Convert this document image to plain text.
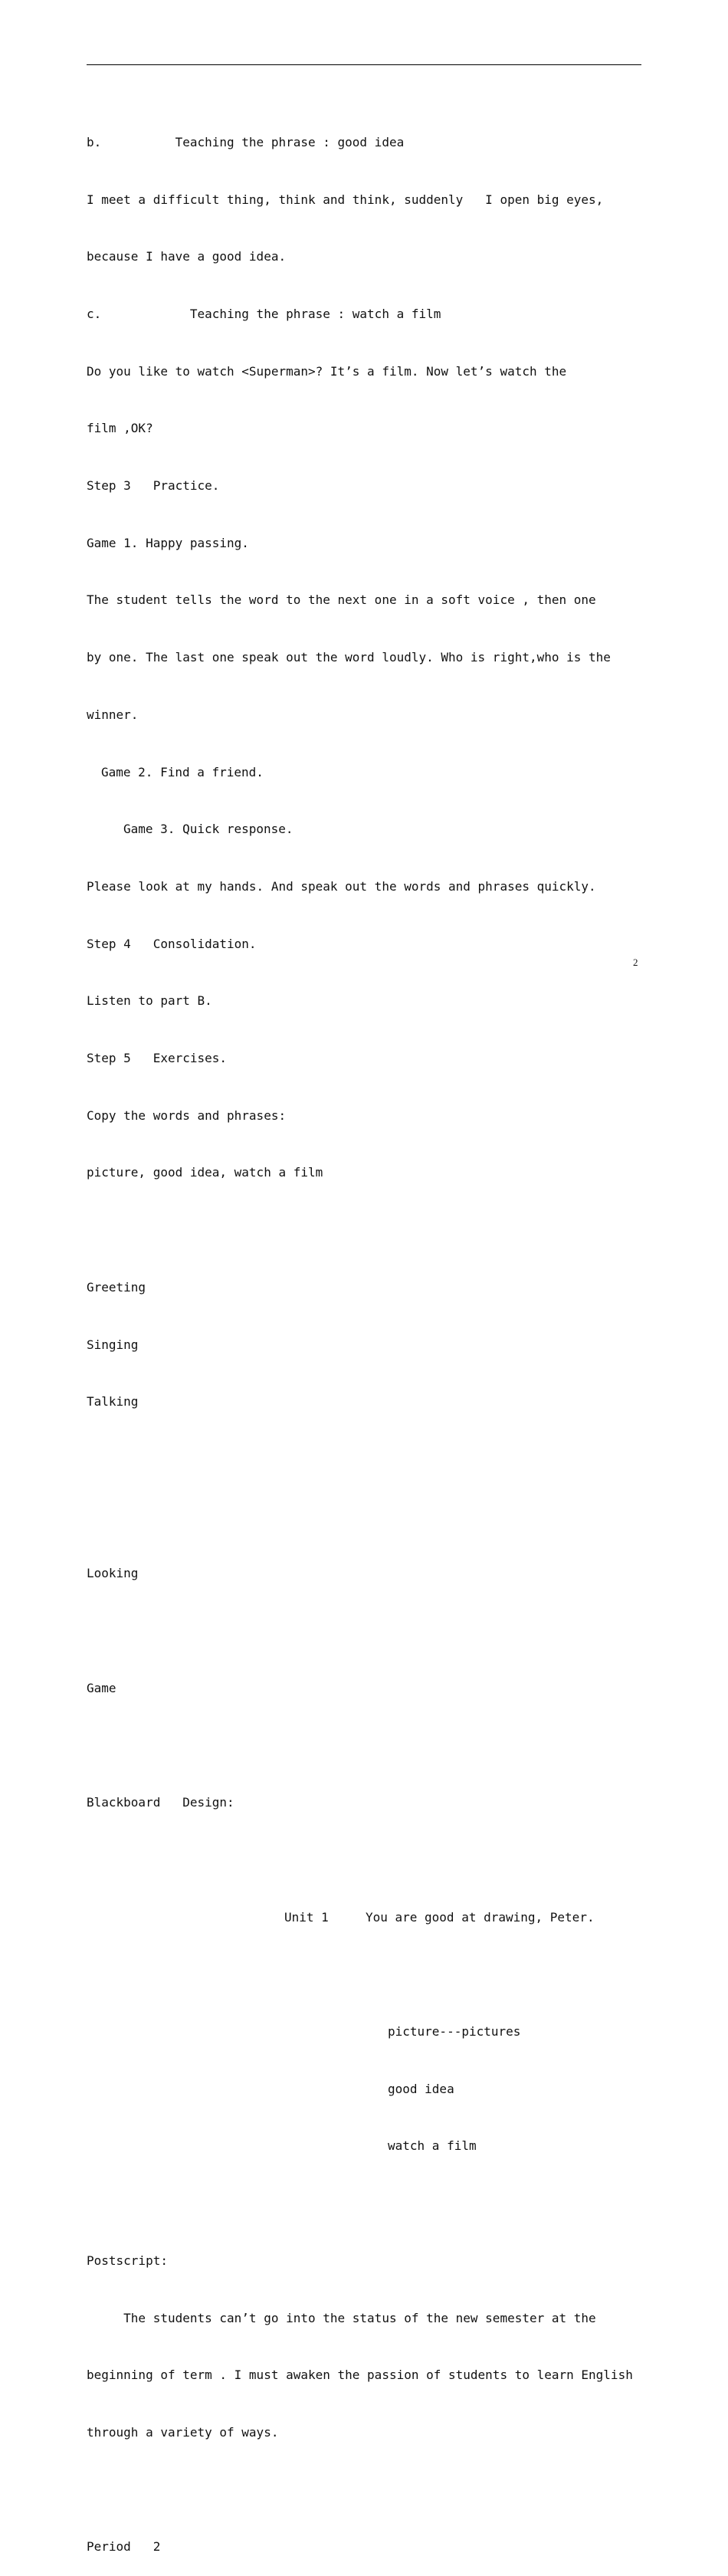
b.          Teaching the phrase : good idea

I meet a difficult thing, think and think, suddenly   I open big eyes,

because I have a good idea.

c.            Teaching the phrase : watch a film

Do you like to watch <Superman>? It’s a film. Now let’s watch the

film ,OK?

Step 3   Practice.

Game 1. Happy passing.

The student tells the word to the next one in a soft voice , then one

by one. The last one speak out the word loudly. Who is right,who is the

winner.

Game 2. Find a friend.

Game 3. Quick response.

Please look at my hands. And speak out the words and phrases quickly.

Step 4   Consolidation.

Listen to part B.

Step 5   Exercises.

Copy the words and phrases:

picture, good idea, watch a film

Greeting

Singing

Talking

Looking

Game

Blackboard   Design:

Unit 1     You are good at drawing, Peter.

picture---pictures

good idea

watch a film

Postscript:

The students can’t go into the status of the new semester at the

beginning of term . I must awaken the passion of students to learn English

through a variety of ways.

Period   2

2
